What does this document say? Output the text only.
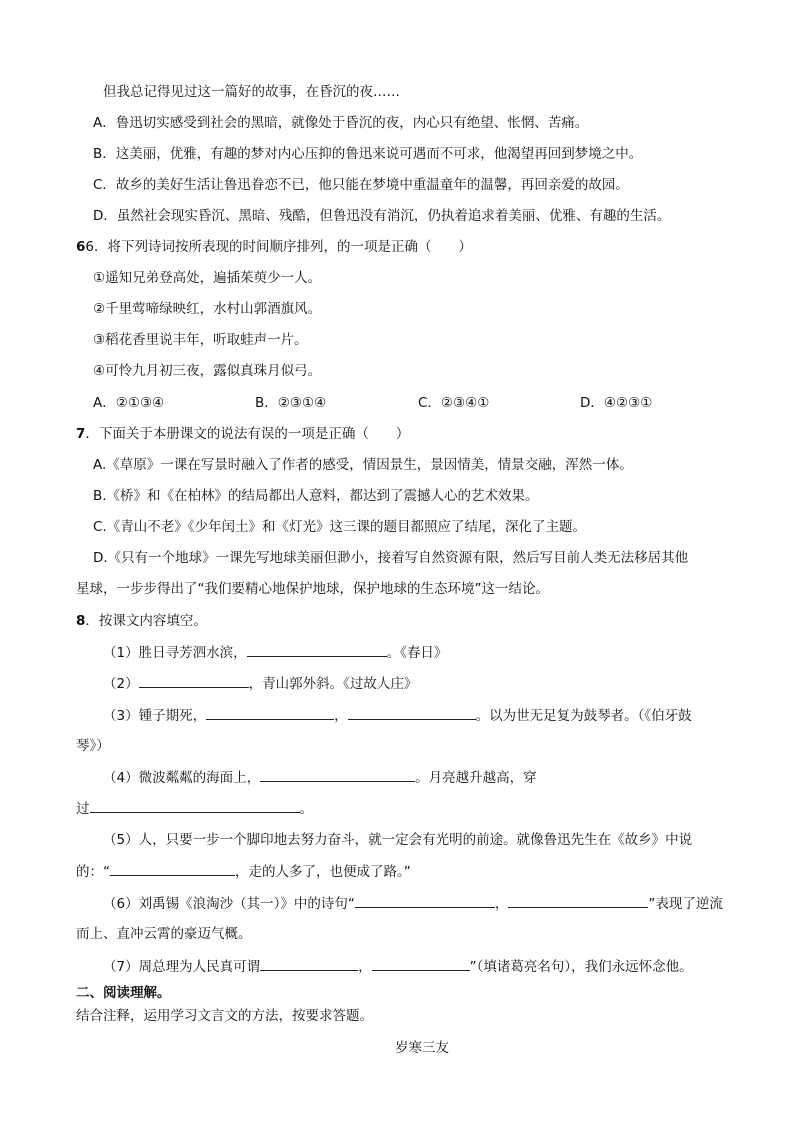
但我总记得见过这一篇好的故事，在昏沉的夜……
A．鲁迅切实感受到社会的黑暗，就像处于昏沉的夜，内心只有绝望、怅惘、苦痛。
B．这美丽，优雅，有趣的梦对内心压抑的鲁迅来说可遇而不可求，他渴望再回到梦境之中。
C．故乡的美好生活让鲁迅眷恋不已，他只能在梦境中重温童年的温馨，再回亲爱的故园。
D．虽然社会现实昏沉、黑暗、残酷，但鲁迅没有消沉，仍执着追求着美丽、优雅、有趣的生活。
66．将下列诗词按所表现的时间顺序排列，的一项是正确（　　）
①遥知兄弟登高处，遍插茱萸少一人。
②千里莺啼绿映红，水村山郭酒旗风。
③稻花香里说丰年，听取蛙声一片。
④可怜九月初三夜，露似真珠月似弓。
A．②①③④	B．②③①④	C．②③④①	D．④②③①
7．下面关于本册课文的说法有误的一项是正确（　　）
A.《草原》一课在写景时融入了作者的感受，情因景生，景因情美，情景交融，浑然一体。
B.《桥》和《在柏林》的结局都出人意料，都达到了震撼人心的艺术效果。
C.《青山不老》《少年闰土》和《灯光》这三课的题目都照应了结尾，深化了主题。
D.《只有一个地球》一课先写地球美丽但渺小，接着写自然资源有限，然后写目前人类无法移居其他
星球，一步步得出了“我们要精心地保护地球，保护地球的生态环境”这一结论。
8．按课文内容填空。
（1）胜日寻芳泗水滨，	。《春日》
（2）	，青山郭外斜。《过故人庄》
（3）锺子期死，	，	。以为世无足复为鼓琴者。（《伯牙鼓
琴》）
（4）微波粼粼的海面上，	。月亮越升越高，穿
过	。
（5）人，只要一步一个脚印地去努力奋斗，就一定会有光明的前途。就像鲁迅先生在《故乡》中说
的：“	，走的人多了，也便成了路。”
（6）刘禹锡《浪淘沙（其一）》中的诗句“	，	”表现了逆流
而上、直冲云霄的豪迈气概。
（7）周总理为人民真可谓	，	”（填诸葛亮名句），我们永远怀念他。
二、阅读理解。
结合注释，运用学习文言文的方法，按要求答题。
岁寒三友
